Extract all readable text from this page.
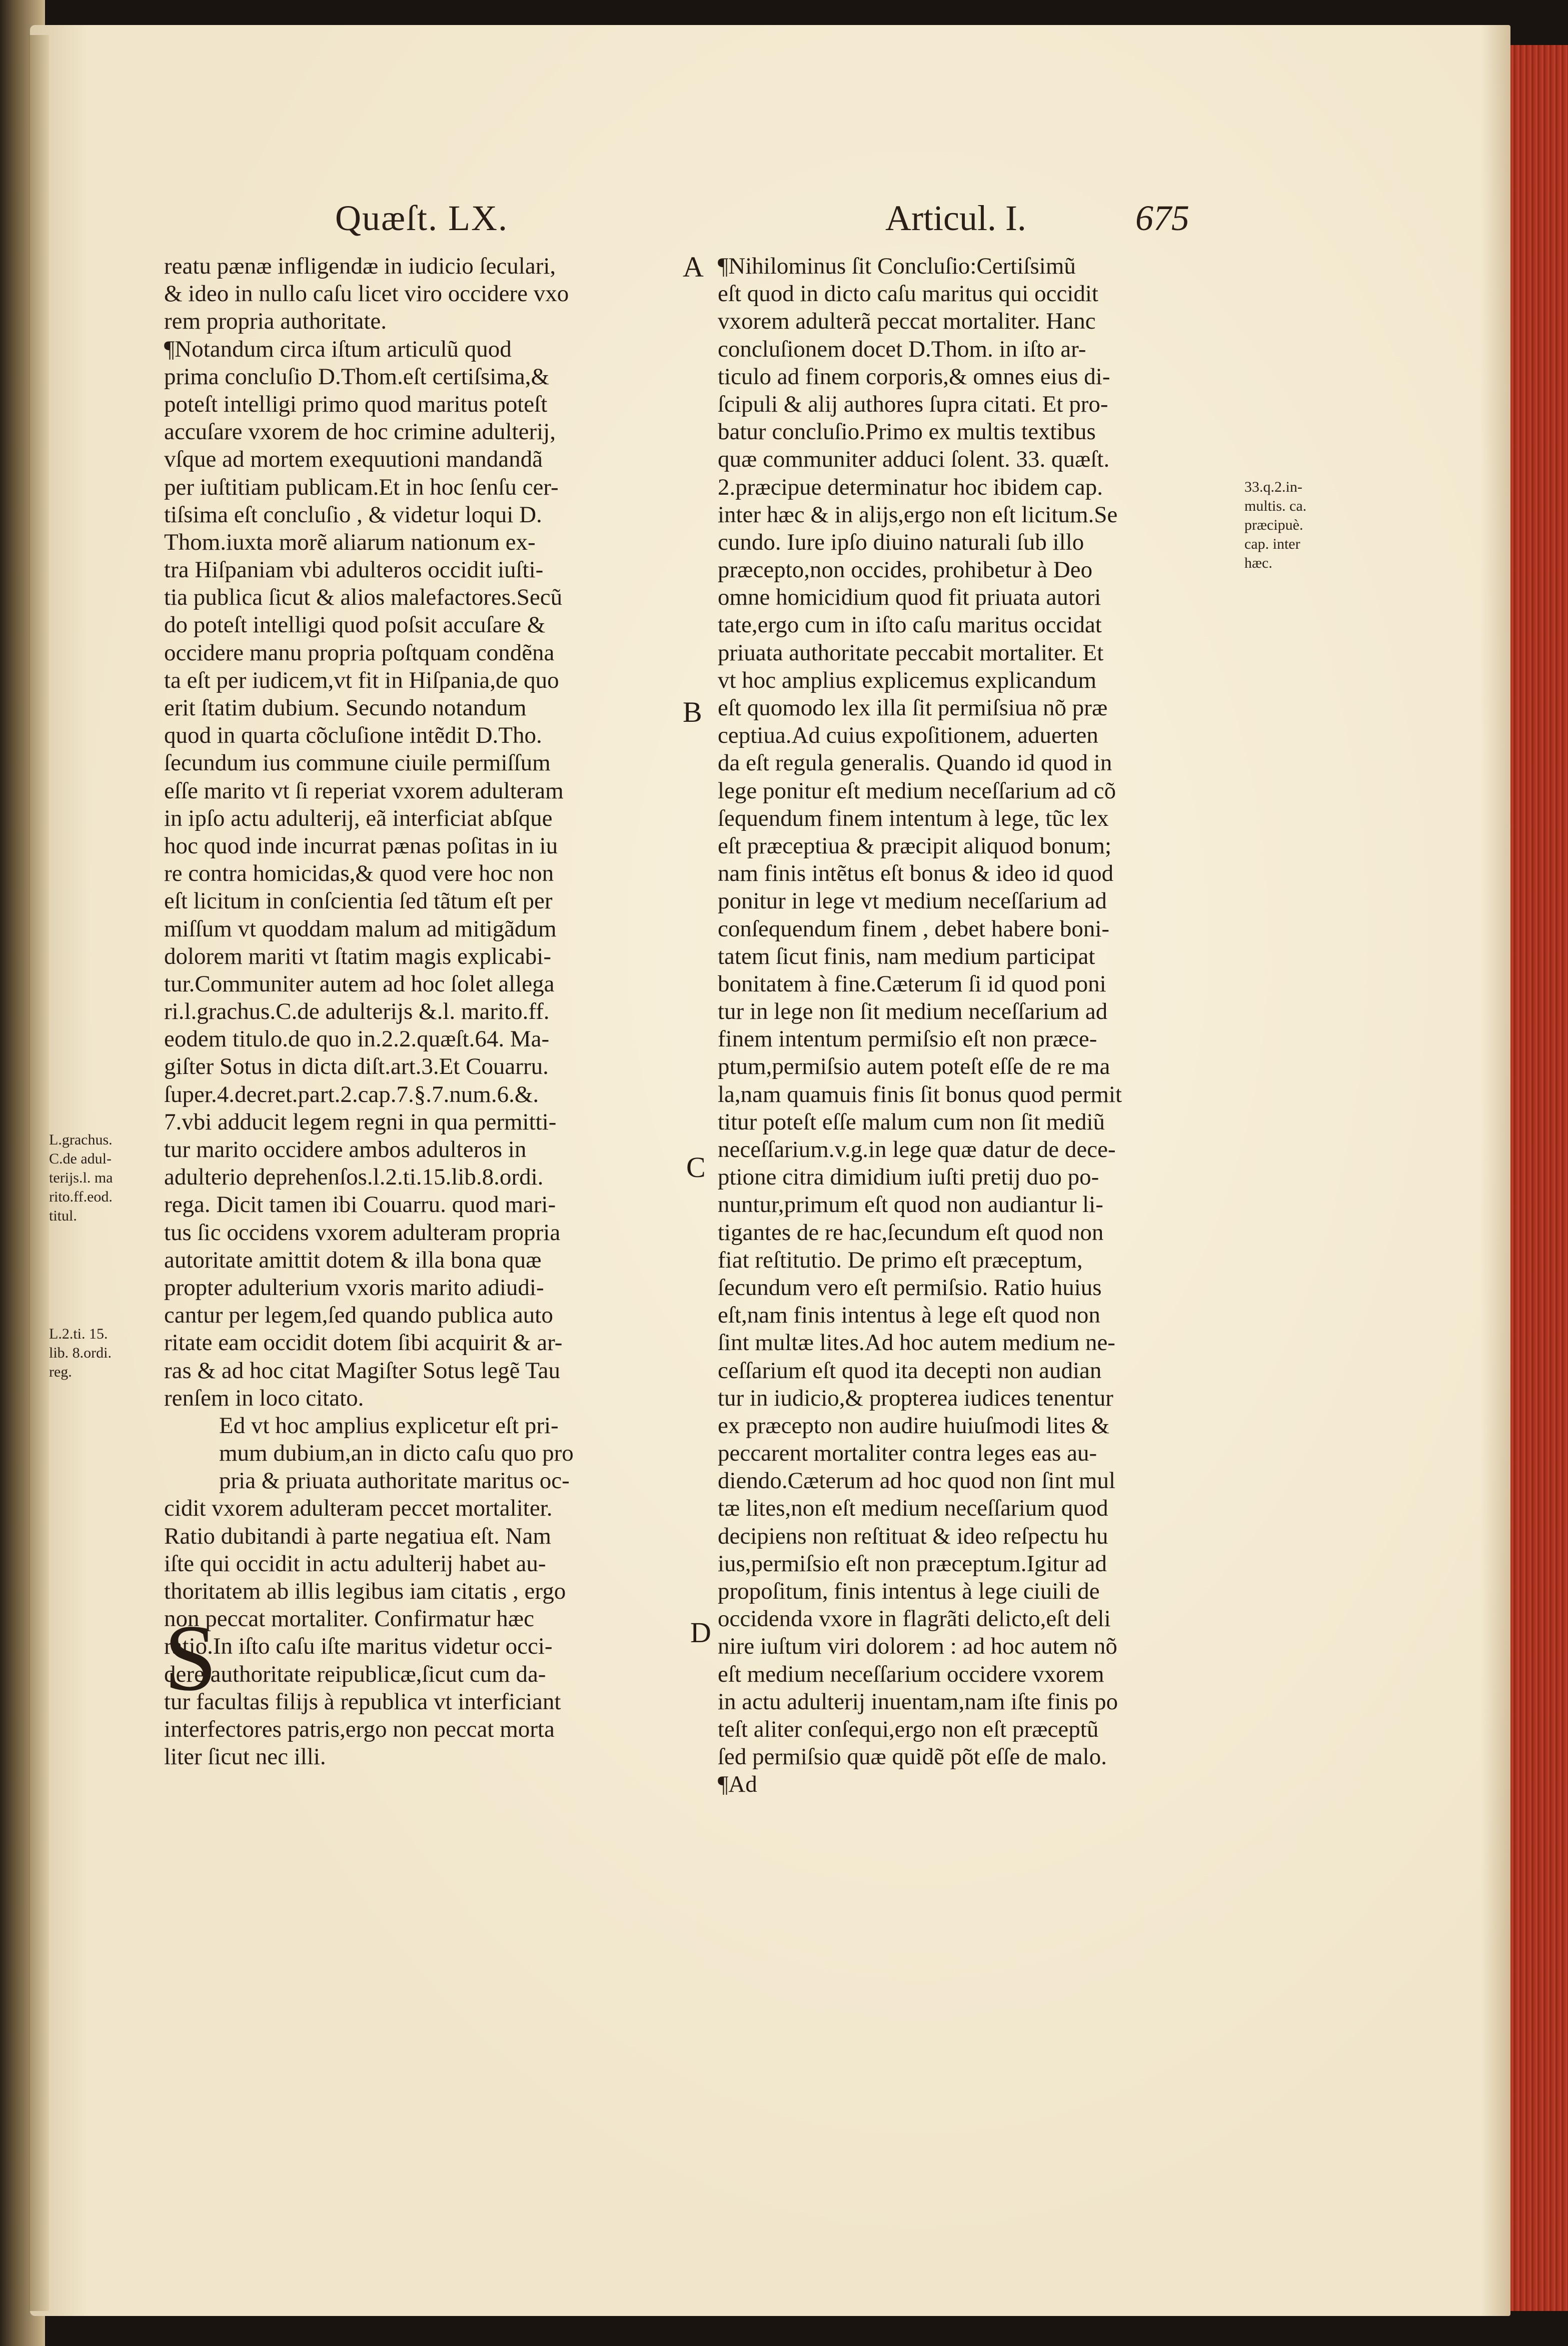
Quæſt. LX.	Articul. I.	675
A
B
C
D
S
reatu pænæ infligendæ in iudicio ſeculari,
& ideo in nullo caſu licet viro occidere vxo
rem propria authoritate.
¶Notandum circa iſtum articulũ quod
prima concluſio D.Thom.eſt certiſsima,&
poteſt intelligi primo quod maritus poteſt
accuſare vxorem de hoc crimine adulterij,
vſque ad mortem exequutioni mandandã
per iuſtitiam publicam.Et in hoc ſenſu cer-
tiſsima eſt concluſio , & videtur loqui D.
Thom.iuxta morẽ aliarum nationum ex-
tra Hiſpaniam vbi adulteros occidit iuſti-
tia publica ſicut & alios malefactores.Secũ
do poteſt intelligi quod poſsit accuſare &
occidere manu propria poſtquam condẽna
ta eſt per iudicem,vt fit in Hiſpania,de quo
erit ſtatim dubium. Secundo notandum
quod in quarta cõcluſione intẽdit D.Tho.
ſecundum ius commune ciuile permiſſum
eſſe marito vt ſi reperiat vxorem adulteram
in ipſo actu adulterij, eã interficiat abſque
hoc quod inde incurrat pænas poſitas in iu
re contra homicidas,& quod vere hoc non
eſt licitum in conſcientia ſed tãtum eſt per
miſſum vt quoddam malum ad mitigãdum
dolorem mariti vt ſtatim magis explicabi-
tur.Communiter autem ad hoc ſolet allega
ri.l.grachus.C.de adulterijs &.l. marito.ff.
eodem titulo.de quo in.2.2.quæſt.64. Ma-
giſter Sotus in dicta diſt.art.3.Et Couarru.
ſuper.4.decret.part.2.cap.7.§.7.num.6.&.
7.vbi adducit legem regni in qua permitti-
tur marito occidere ambos adulteros in
adulterio deprehenſos.l.2.ti.15.lib.8.ordi.
rega. Dicit tamen ibi Couarru. quod mari-
tus ſic occidens vxorem adulteram propria
autoritate amittit dotem & illa bona quæ
propter adulterium vxoris marito adiudi-
cantur per legem,ſed quando publica auto
ritate eam occidit dotem ſibi acquirit & ar-
ras & ad hoc citat Magiſter Sotus legẽ Tau
renſem in loco citato.
Ed vt hoc amplius explicetur eſt pri-
mum dubium,an in dicto caſu quo pro
pria & priuata authoritate maritus oc-
cidit vxorem adulteram peccet mortaliter.
Ratio dubitandi à parte negatiua eſt. Nam
iſte qui occidit in actu adulterij habet au-
thoritatem ab illis legibus iam citatis , ergo
non peccat mortaliter. Confirmatur hæc
ratio.In iſto caſu iſte maritus videtur occi-
dere authoritate reipublicæ,ſicut cum da-
tur facultas filijs à republica vt interficiant
interfectores patris,ergo non peccat morta
liter ſicut nec illi.
¶Nihilominus ſit Concluſio:Certiſsimũ
eſt quod in dicto caſu maritus qui occidit
vxorem adulterã peccat mortaliter. Hanc
concluſionem docet D.Thom. in iſto ar-
ticulo ad finem corporis,& omnes eius di-
ſcipuli & alij authores ſupra citati. Et pro-
batur concluſio.Primo ex multis textibus
quæ communiter adduci ſolent. 33. quæſt.
2.præcipue determinatur hoc ibidem cap.
inter hæc & in alijs,ergo non eſt licitum.Se
cundo. Iure ipſo diuino naturali ſub illo
præcepto,non occides, prohibetur à Deo
omne homicidium quod fit priuata autori
tate,ergo cum in iſto caſu maritus occidat
priuata authoritate peccabit mortaliter. Et
vt hoc amplius explicemus explicandum
eſt quomodo lex illa ſit permiſsiua nõ præ
ceptiua.Ad cuius expoſitionem, aduerten
da eſt regula generalis. Quando id quod in
lege ponitur eſt medium neceſſarium ad cõ
ſequendum finem intentum à lege, tũc lex
eſt præceptiua & præcipit aliquod bonum;
nam finis intẽtus eſt bonus & ideo id quod
ponitur in lege vt medium neceſſarium ad
conſequendum finem , debet habere boni-
tatem ſicut finis, nam medium participat
bonitatem à fine.Cæterum ſi id quod poni
tur in lege non ſit medium neceſſarium ad
finem intentum permiſsio eſt non præce-
ptum,permiſsio autem poteſt eſſe de re ma
la,nam quamuis finis ſit bonus quod permit
titur poteſt eſſe malum cum non ſit mediũ
neceſſarium.v.g.in lege quæ datur de dece-
ptione citra dimidium iuſti pretij duo po-
nuntur,primum eſt quod non audiantur li-
tigantes de re hac,ſecundum eſt quod non
fiat reſtitutio. De primo eſt præceptum,
ſecundum vero eſt permiſsio. Ratio huius
eſt,nam finis intentus à lege eſt quod non
ſint multæ lites.Ad hoc autem medium ne-
ceſſarium eſt quod ita decepti non audian
tur in iudicio,& propterea iudices tenentur
ex præcepto non audire huiuſmodi lites &
peccarent mortaliter contra leges eas au-
diendo.Cæterum ad hoc quod non ſint mul
tæ lites,non eſt medium neceſſarium quod
decipiens non reſtituat & ideo reſpectu hu
ius,permiſsio eſt non præceptum.Igitur ad
propoſitum, finis intentus à lege ciuili de
occidenda vxore in flagrãti delicto,eſt deli
nire iuſtum viri dolorem : ad hoc autem nõ
eſt medium neceſſarium occidere vxorem
in actu adulterij inuentam,nam iſte finis po
teſt aliter conſequi,ergo non eſt præceptũ
ſed permiſsio quæ quidẽ põt eſſe de malo.
¶Ad
33.q.2.in-
multis. ca.
præcipuè.
cap. inter
hæc.
L.grachus.
C.de adul-
terijs.l. ma
rito.ff.eod.
titul.
L.2.ti. 15.
lib. 8.ordi.
reg.
